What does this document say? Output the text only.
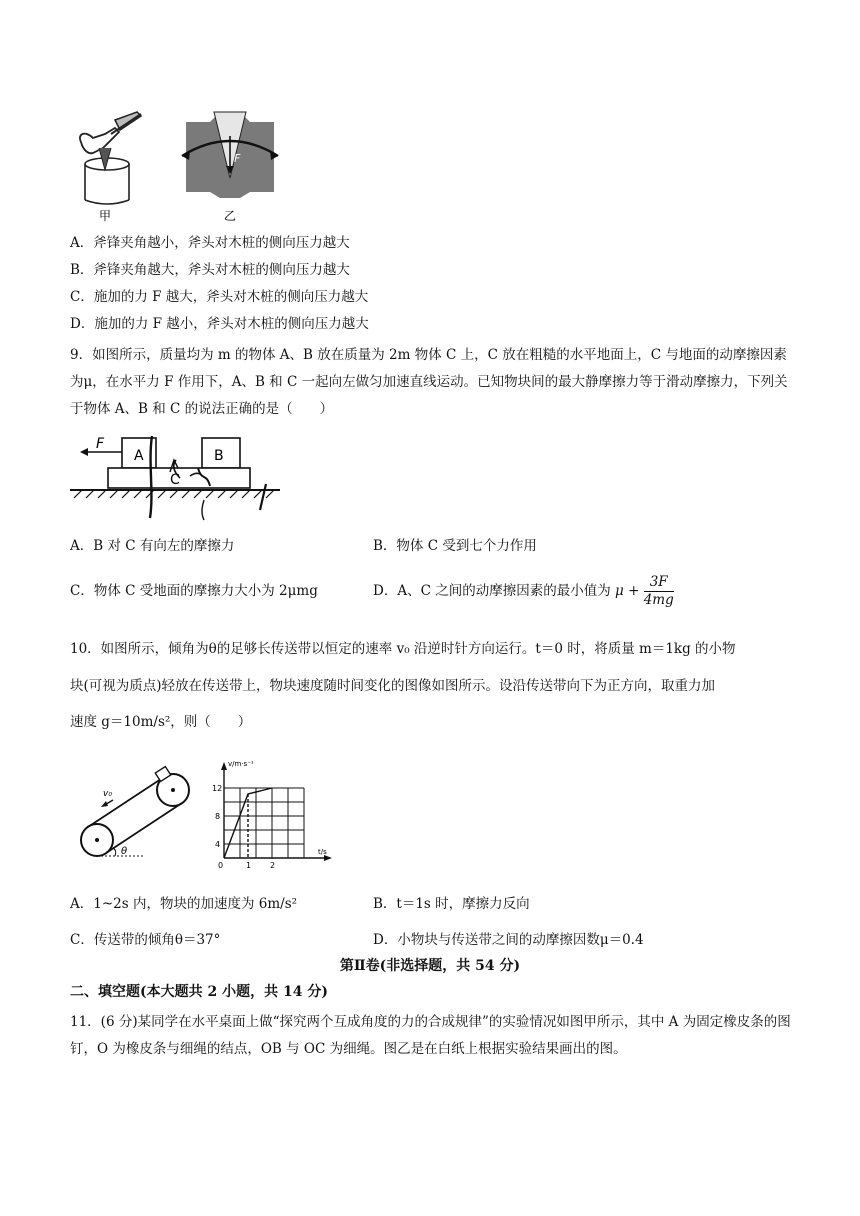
甲
F
乙
A．斧锋夹角越小，斧头对木桩的侧向压力越大
B．斧锋夹角越大，斧头对木桩的侧向压力越大
C．施加的力 F 越大，斧头对木桩的侧向压力越大
D．施加的力 F 越小，斧头对木桩的侧向压力越大
9．如图所示，质量均为 m 的物体 A、B 放在质量为 2m 物体 C 上，C 放在粗糙的水平地面上，C 与地面的动摩擦因素为μ，在水平力 F 作用下，A、B 和 C 一起向左做匀加速直线运动。已知物块间的最大静摩擦力等于滑动摩擦力，下列关于物体 A、B 和 C 的说法正确的是（　　）
F
A	B
C
A．B 对 C 有向左的摩擦力	B．物体 C 受到七个力作用
C．物体 C 受地面的摩擦力大小为 2μmg	D．A、C 之间的动摩擦因素的最小值为 $\mu + \frac{3F}{4mg}$
10．如图所示，倾角为θ的足够长传送带以恒定的速率 v₀ 沿逆时针方向运行。t＝0 时，将质量 m＝1kg 的小物
块(可视为质点)轻放在传送带上，物块速度随时间变化的图像如图所示。设沿传送带向下为正方向，取重力加
速度 g＝10m/s²，则（　　）
v₀
θ
v/m·s⁻¹
t/s
12
8
4
0	1 2
A．1~2s 内，物块的加速度为 6m/s²	B．t＝1s 时，摩擦力反向
C．传送带的倾角θ＝37°	D．小物块与传送带之间的动摩擦因数μ＝0.4
第Ⅱ卷(非选择题，共 54 分)
二、填空题(本大题共 2 小题，共 14 分)
11．(6 分)某同学在水平桌面上做“探究两个互成角度的力的合成规律”的实验情况如图甲所示，其中 A 为固定橡皮条的图钉，O 为橡皮条与细绳的结点，OB 与 OC 为细绳。图乙是在白纸上根据实验结果画出的图。
